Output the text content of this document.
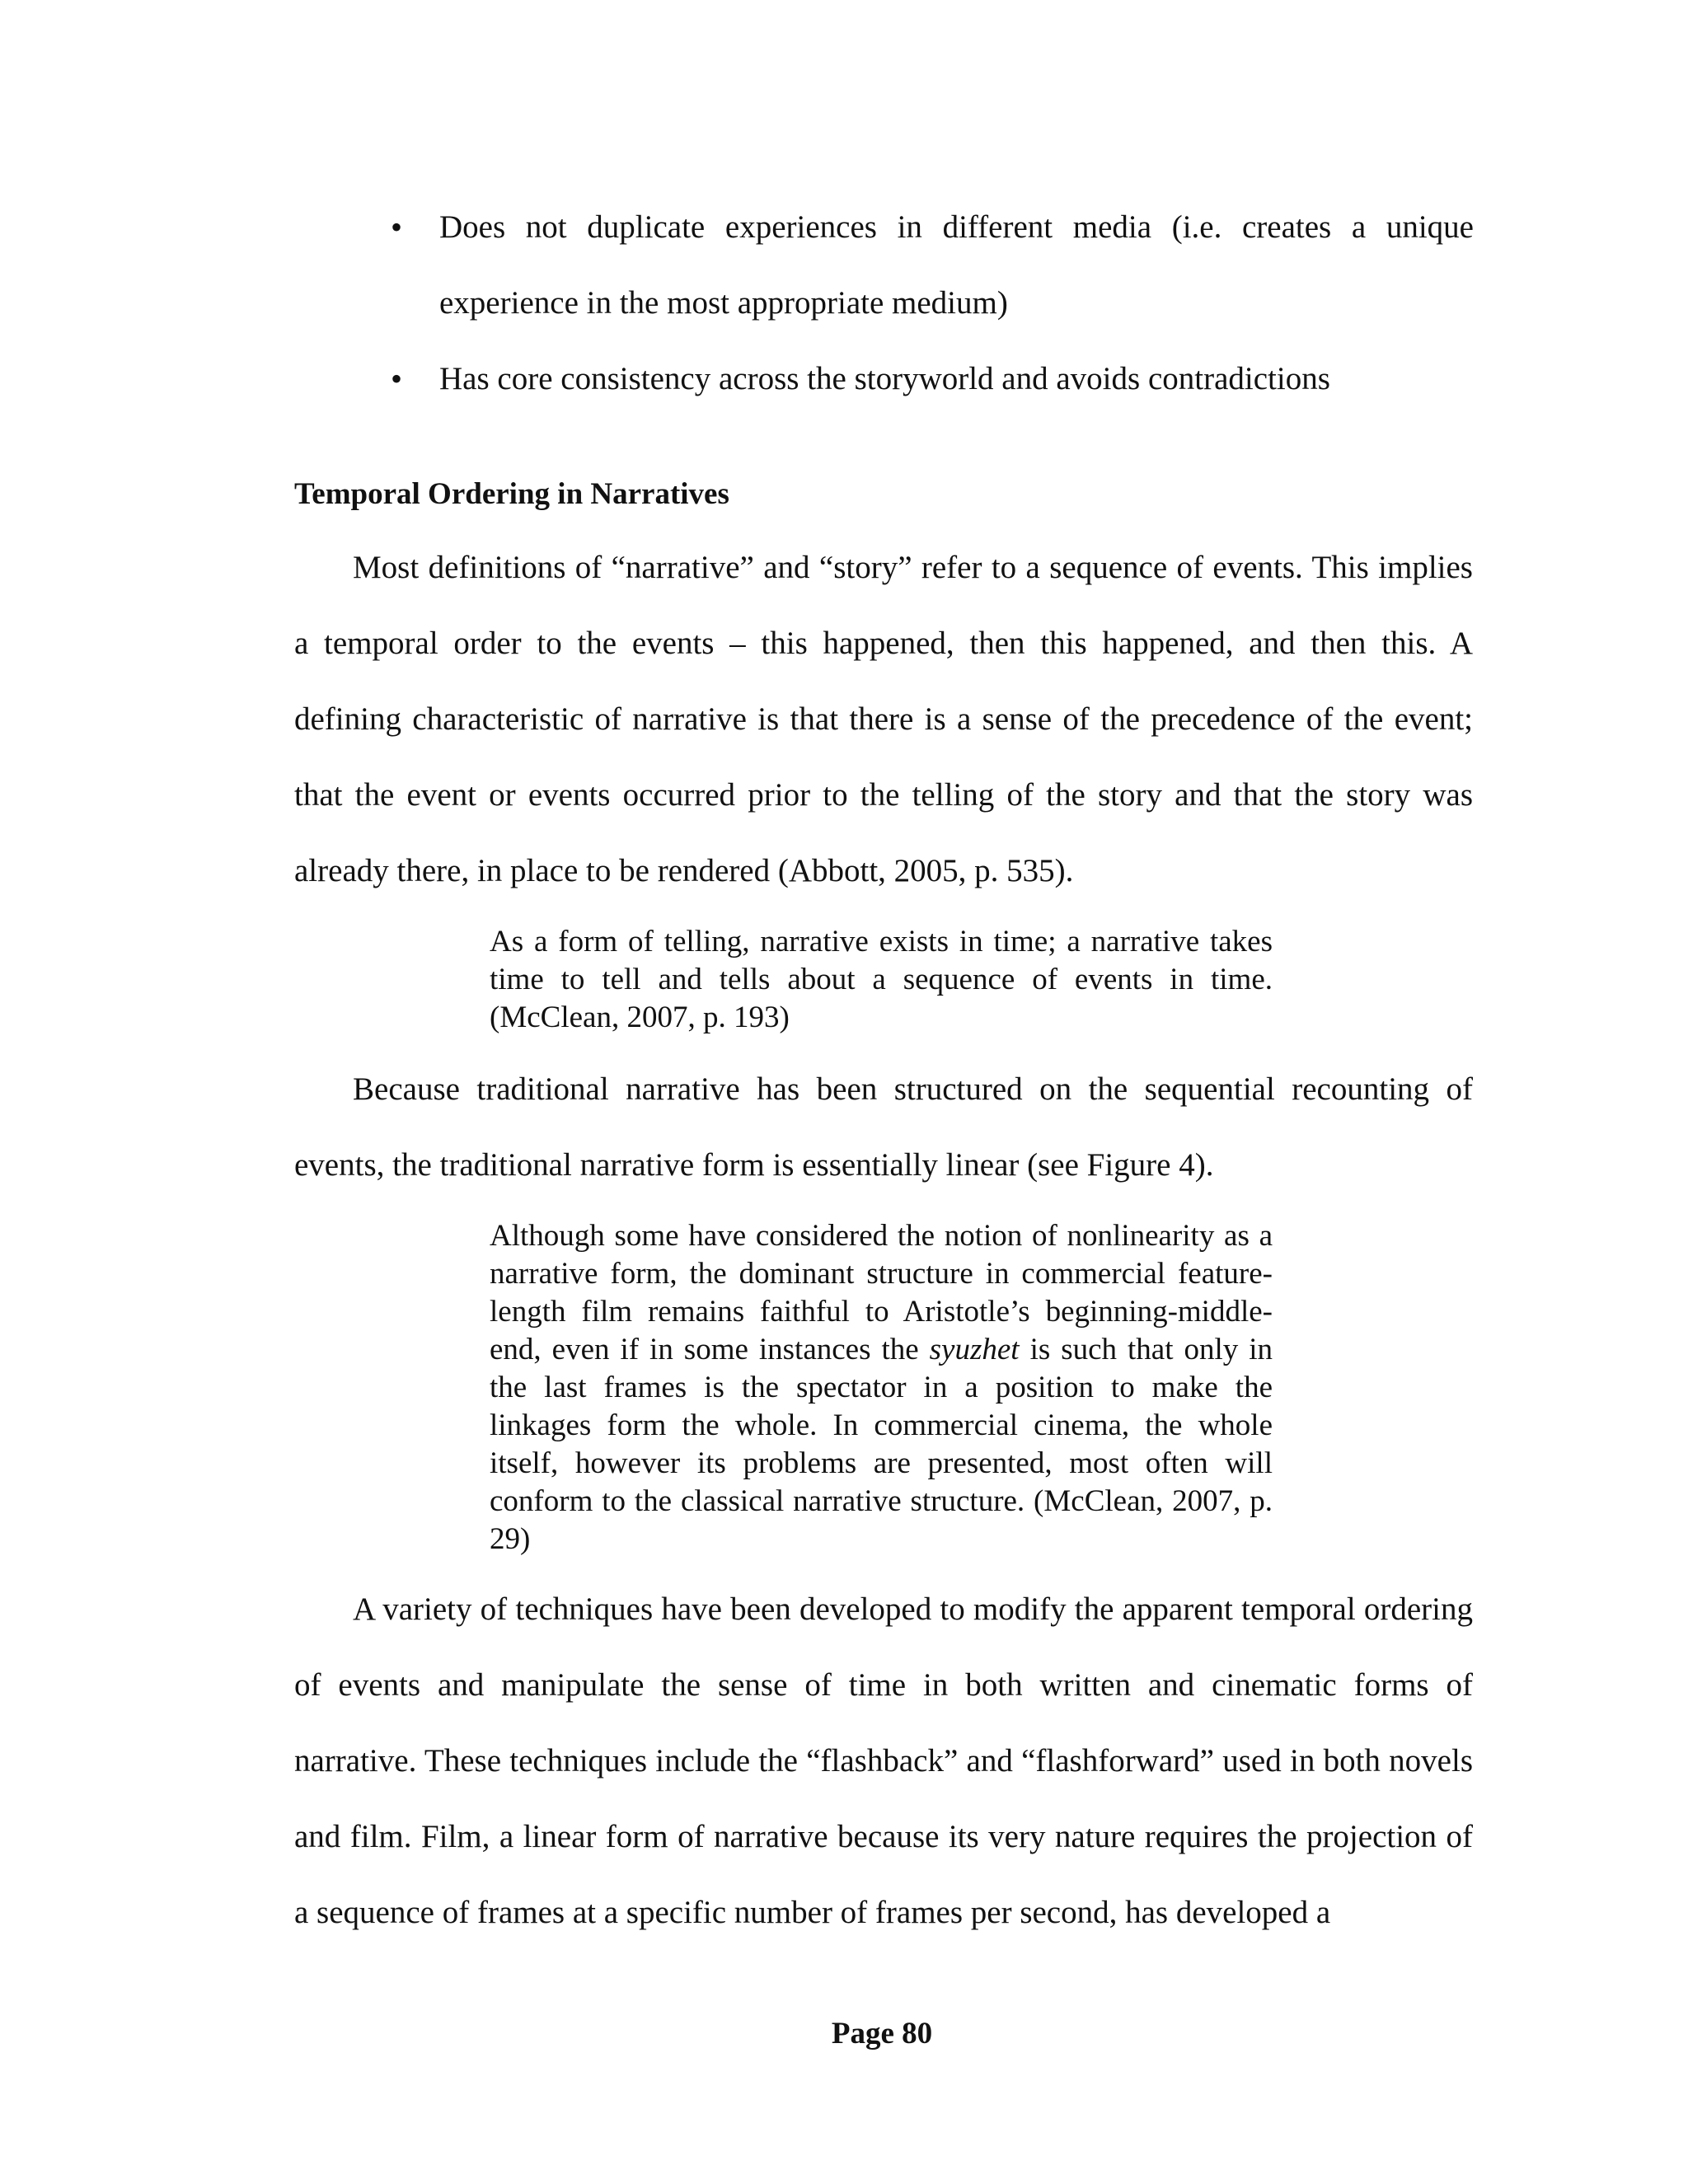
• Does not duplicate experiences in different media (i.e. creates a unique experience in the most appropriate medium)
• Has core consistency across the storyworld and avoids contradictions
Temporal Ordering in Narratives

Most definitions of “narrative” and “story” refer to a sequence of events. This implies a temporal order to the events – this happened, then this happened, and then this. A defining characteristic of narrative is that there is a sense of the precedence of the event; that the event or events occurred prior to the telling of the story and that the story was already there, in place to be rendered (Abbott, 2005, p. 535).

As a form of telling, narrative exists in time; a narrative takes time to tell and tells about a sequence of events in time. (McClean, 2007, p. 193)

Because traditional narrative has been structured on the sequential recounting of events, the traditional narrative form is essentially linear (see Figure 4).

Although some have considered the notion of nonlinearity as a narrative form, the dominant structure in commercial feature-length film remains faithful to Aristotle’s beginning-middle-end, even if in some instances the syuzhet is such that only in the last frames is the spectator in a position to make the linkages form the whole. In commercial cinema, the whole itself, however its problems are presented, most often will conform to the classical narrative structure. (McClean, 2007, p. 29)

A variety of techniques have been developed to modify the apparent temporal ordering of events and manipulate the sense of time in both written and cinematic forms of narrative. These techniques include the “flashback” and “flashforward” used in both novels and film. Film, a linear form of narrative because its very nature requires the projection of a sequence of frames at a specific number of frames per second, has developed a

Page 80
